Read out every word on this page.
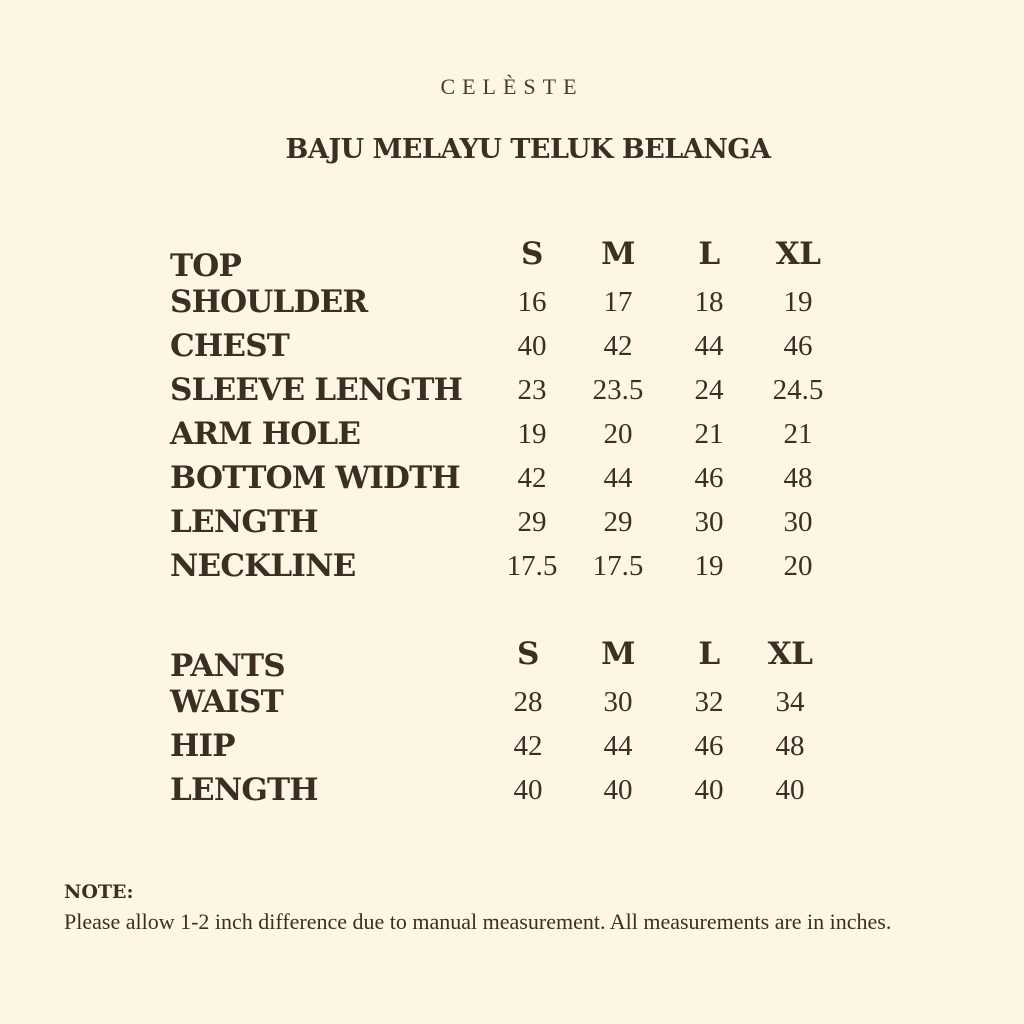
CELÈSTE
BAJU MELAYU TELUK BELANGA
TOP	S	M	L	XL
SHOULDER	16	17	18	19
CHEST	40	42	44	46
SLEEVE LENGTH	23	23.5	24	24.5
ARM HOLE	19	20	21	21
BOTTOM WIDTH	42	44	46	48
LENGTH	29	29	30	30
NECKLINE	17.5	17.5	19	20
PANTS	S	M	L	XL
WAIST	28	30	32	34
HIP	42	44	46	48
LENGTH	40	40	40	40
NOTE:
Please allow 1-2 inch difference due to manual measurement. All measurements are in inches.
